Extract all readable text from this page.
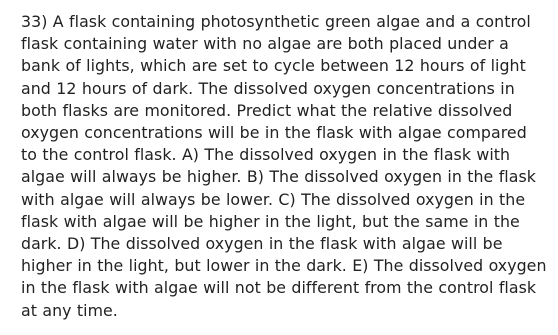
33) A flask containing photosynthetic green algae and a control flask containing water with no algae are both placed under a bank of lights, which are set to cycle between 12 hours of light and 12 hours of dark. The dissolved oxygen concentrations in both flasks are monitored. Predict what the relative dissolved oxygen concentrations will be in the flask with algae compared to the control flask. A) The dissolved oxygen in the flask with algae will always be higher. B) The dissolved oxygen in the flask with algae will always be lower. C) The dissolved oxygen in the flask with algae will be higher in the light, but the same in the dark. D) The dissolved oxygen in the flask with algae will be higher in the light, but lower in the dark. E) The dissolved oxygen in the flask with algae will not be different from the control flask at any time.
